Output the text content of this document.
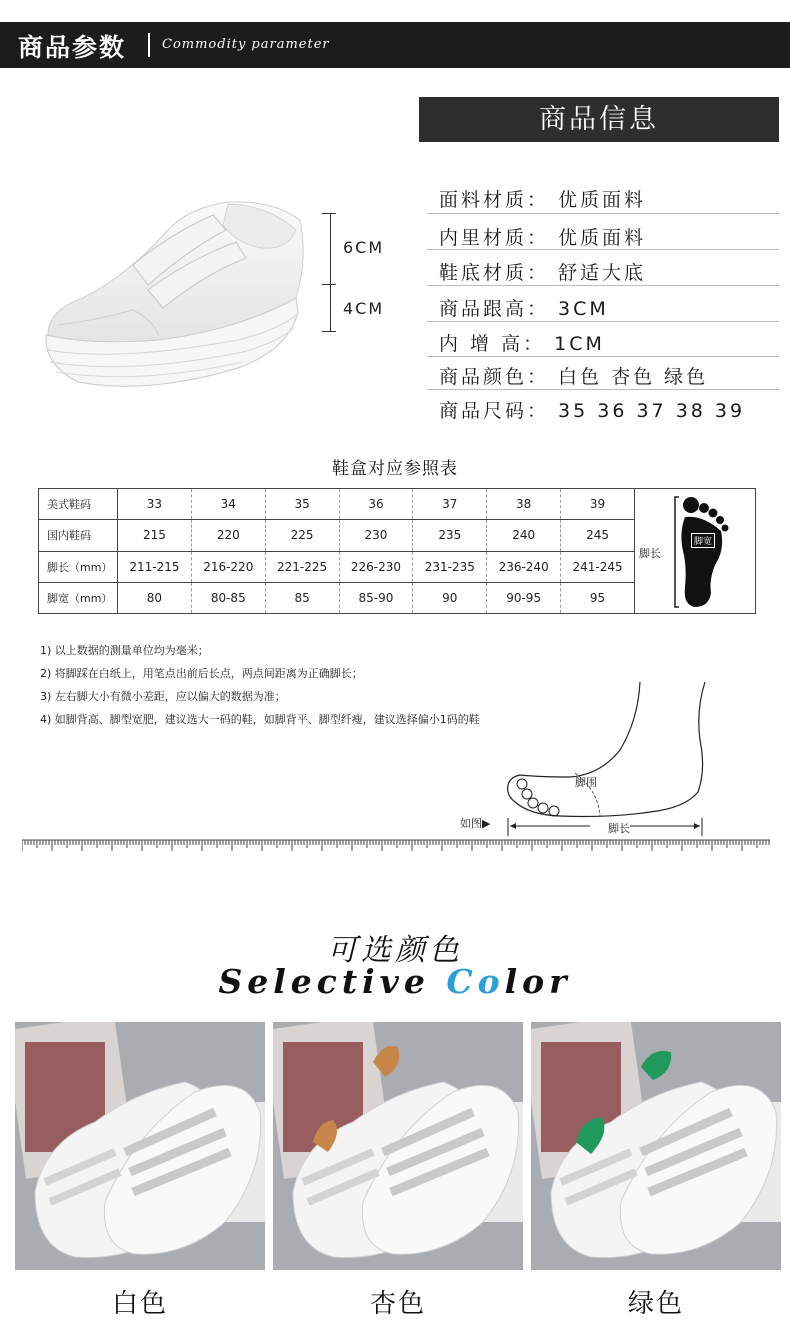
商品参数	Commodity parameter
6CM
4CM
商品信息
面料材质： 优质面料
内里材质： 优质面料
鞋底材质： 舒适大底
商品跟高： 3CM
内 增 高： 1CM
商品颜色： 白色 杏色 绿色
商品尺码： 35 36 37 38 39
鞋盒对应参照表
美式鞋码	33	34	35	36	37	38	39	脚长
脚宽

国内鞋码	215	220	225	230	235	240	245	
脚长（mm）	211-215	216-220	221-225	226-230	231-235	236-240	241-245	
脚宽（mm）	80	80-85	85	85-90	90	90-95	95	
1) 以上数据的测量单位均为毫米；
2) 将脚踩在白纸上，用笔点出前后长点，两点间距离为正确脚长；
3) 左右脚大小有微小差距，应以偏大的数据为准；
4) 如脚背高、脚型宽肥，建议选大一码的鞋，如脚背平、脚型纤瘦，建议选择偏小1码的鞋
脚围
脚长
如图▶
可选颜色
Selective Color
白色	杏色	绿色
